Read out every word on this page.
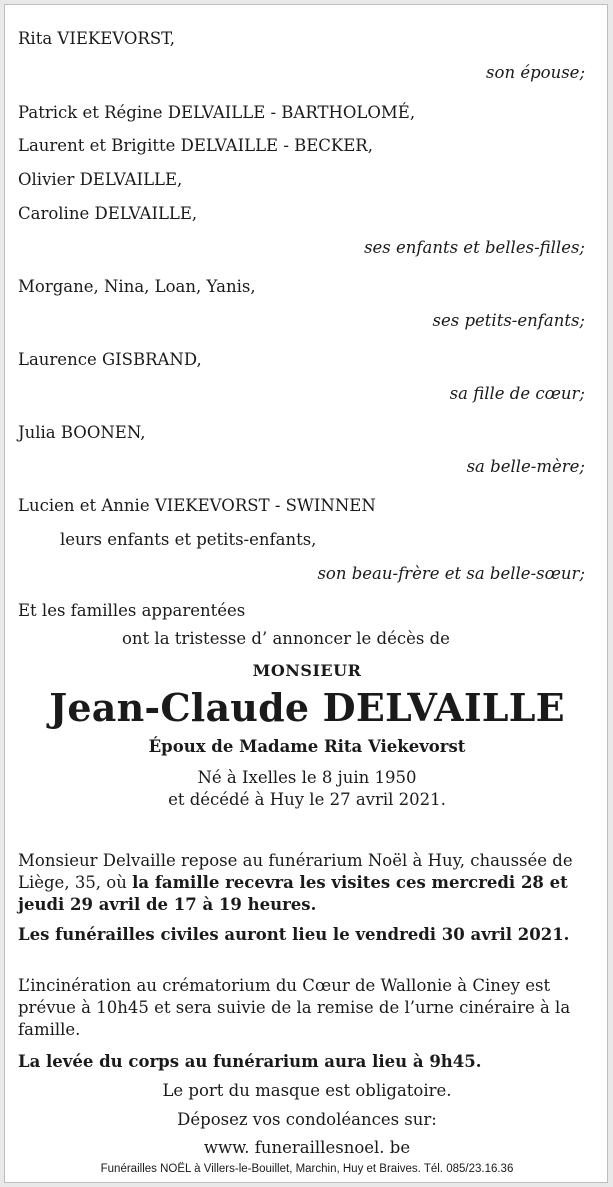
Rita VIEKEVORST,
son épouse;
Patrick et Régine DELVAILLE - BARTHOLOMÉ,
Laurent et Brigitte DELVAILLE - BECKER,
Olivier DELVAILLE,
Caroline DELVAILLE,
ses enfants et belles-filles;
Morgane, Nina, Loan, Yanis,
ses petits-enfants;
Laurence GISBRAND,
sa fille de cœur;
Julia BOONEN,
sa belle-mère;
Lucien et Annie VIEKEVORST - SWINNEN
leurs enfants et petits-enfants,
son beau-frère et sa belle-sœur;
Et les familles apparentées
ont la tristesse d’ annoncer le décès de
MONSIEUR
Jean-Claude DELVAILLE
Époux de Madame Rita Viekevorst
Né à Ixelles le 8 juin 1950
et décédé à Huy le 27 avril 2021.
Monsieur Delvaille repose au funérarium Noël à Huy, chaussée de Liège, 35, où la famille recevra les visites ces mercredi 28 et jeudi 29 avril de 17 à 19 heures.
Les funérailles civiles auront lieu le vendredi 30 avril 2021.
L’incinération au crématorium du Cœur de Wallonie à Ciney est prévue à 10h45 et sera suivie de la remise de l’urne cinéraire à la famille.
La levée du corps au funérarium aura lieu à 9h45.
Le port du masque est obligatoire.
Déposez vos condoléances sur:
www. funeraillesnoel. be
Funérailles NOËL à Villers-le-Bouillet, Marchin, Huy et Braives. Tél. 085/23.16.36
